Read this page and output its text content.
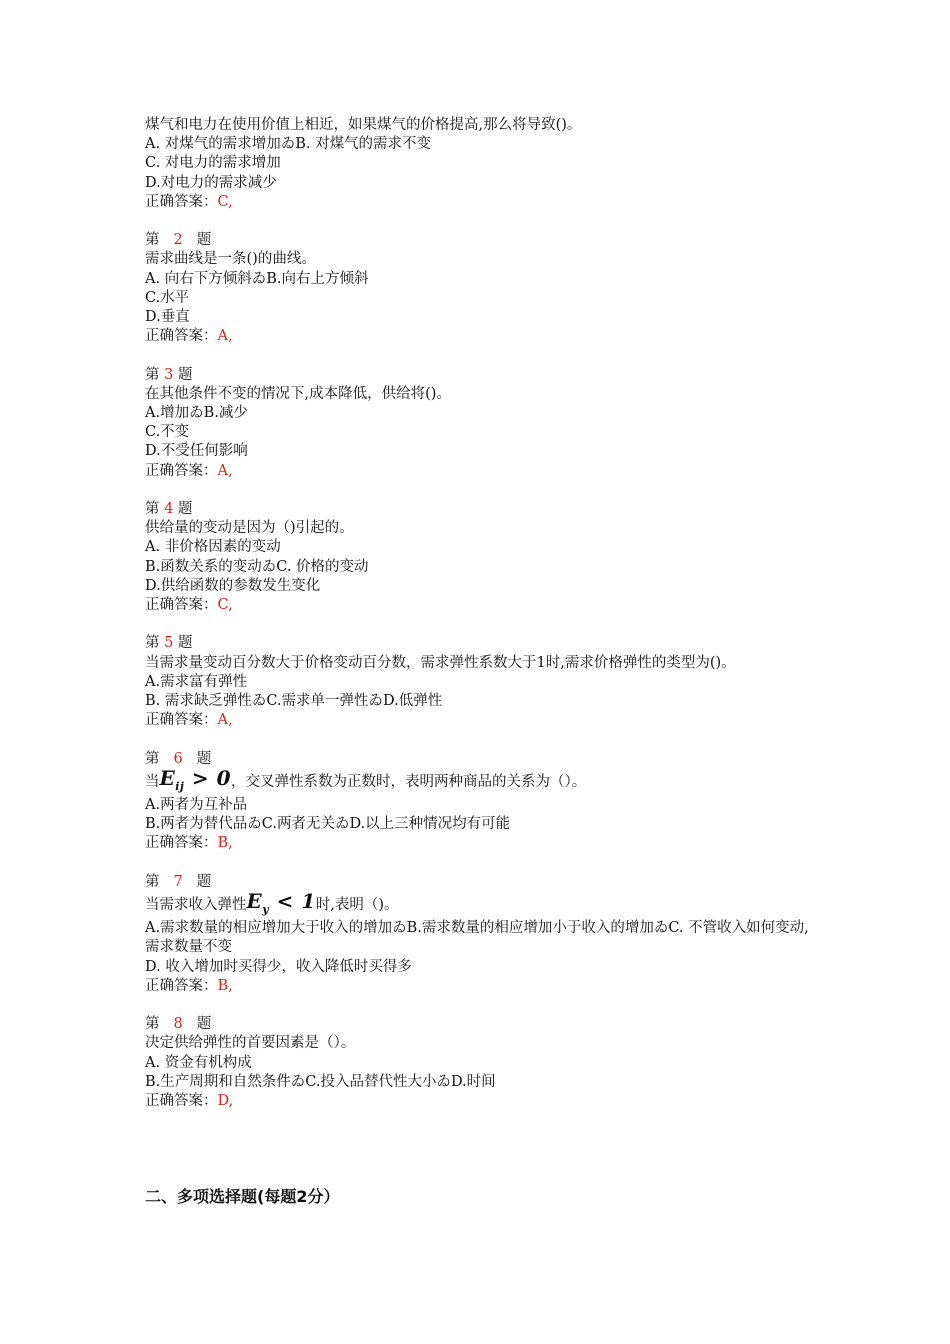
煤气和电力在使用价值上相近，如果煤气的价格提高,那么将导致()。
A. 对煤气的需求增加ゐB. 对煤气的需求不变
C. 对电力的需求增加
D.对电力的需求减少
正确答案：C,
第 2 题
需求曲线是一条()的曲线。
A. 向右下方倾斜ゐB.向右上方倾斜
C.水平
D.垂直
正确答案：A,
第 3 题
在其他条件不变的情况下,成本降低，供给将()。
A.增加ゐB.减少
C.不变
D.不受任何影响
正确答案：A,
第 4 题
供给量的变动是因为（)引起的。
A. 非价格因素的变动
B.函数关系的变动ゐC. 价格的变动
D.供给函数的参数发生变化
正确答案：C,
第 5 题
当需求量变动百分数大于价格变动百分数，需求弹性系数大于1时,需求价格弹性的类型为()。
A.需求富有弹性
B. 需求缺乏弹性ゐC.需求单一弹性ゐD.低弹性
正确答案：A,
第 6 题
当$E_{ij} > 0$，交叉弹性系数为正数时，表明两种商品的关系为（）。
A.两者为互补品
B.两者为替代品ゐC.两者无关ゐD.以上三种情况均有可能
正确答案：B,
第 7 题
当需求收入弹性$E_y < 1$时,表明（)。
A.需求数量的相应增加大于收入的增加ゐB.需求数量的相应增加小于收入的增加ゐC. 不管收入如何变动,需求数量不变
D. 收入增加时买得少，收入降低时买得多
正确答案：B,
第 8 题
决定供给弹性的首要因素是（）。
A. 资金有机构成
B.生产周期和自然条件ゐC.投入品替代性大小ゐD.时间
正确答案：D,
二、多项选择题(每题2分）
